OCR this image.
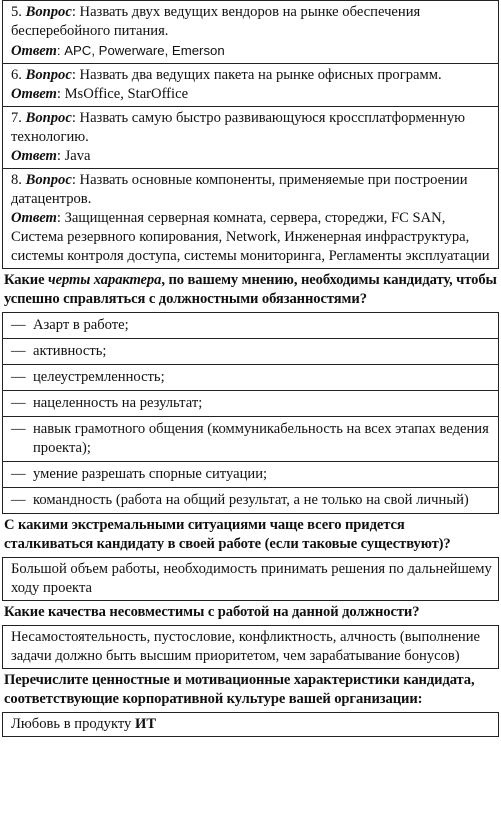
5. Вопрос: Назвать двух ведущих вендоров на рынке обеспечения бесперебойного питания.
Ответ: APC, Powerware, Emerson
6. Вопрос: Назвать два ведущих пакета на рынке офисных программ.
Ответ: MsOffice, StarOffice
7. Вопрос: Назвать самую быстро развивающуюся кроссплатформенную технологию.
Ответ: Java
8. Вопрос: Назвать основные компоненты, применяемые при построении датацентров.
Ответ: Защищенная серверная комната, сервера, стореджи, FC SAN, Система резервного копирования, Network, Инженерная инфраструктура, системы контроля доступа, системы мониторинга, Регламенты эксплуатации
Какие черты характера, по вашему мнению, необходимы кандидату, чтобы успешно справляться с должностными обязанностями?
— Азарт в работе;
— активность;
— целеустремленность;
— нацеленность на результат;
— навык грамотного общения (коммуникабельность на всех этапах ведения проекта);
— умение разрешать спорные ситуации;
— командность (работа на общий результат, а не только на свой личный)
С какими экстремальными ситуациями чаще всего придется сталкиваться кандидату в своей работе (если таковые существуют)?
Большой объем работы, необходимость принимать решения по дальнейшему ходу проекта
Какие качества несовместимы с работой на данной должности?
Несамостоятельность, пустословие, конфликтность, алчность (выполнение задачи должно быть высшим приоритетом, чем зарабатывание бонусов)
Перечислите ценностные и мотивационные характеристики кандидата, соответствующие корпоративной культуре вашей организации:
Любовь в продукту ИТ
